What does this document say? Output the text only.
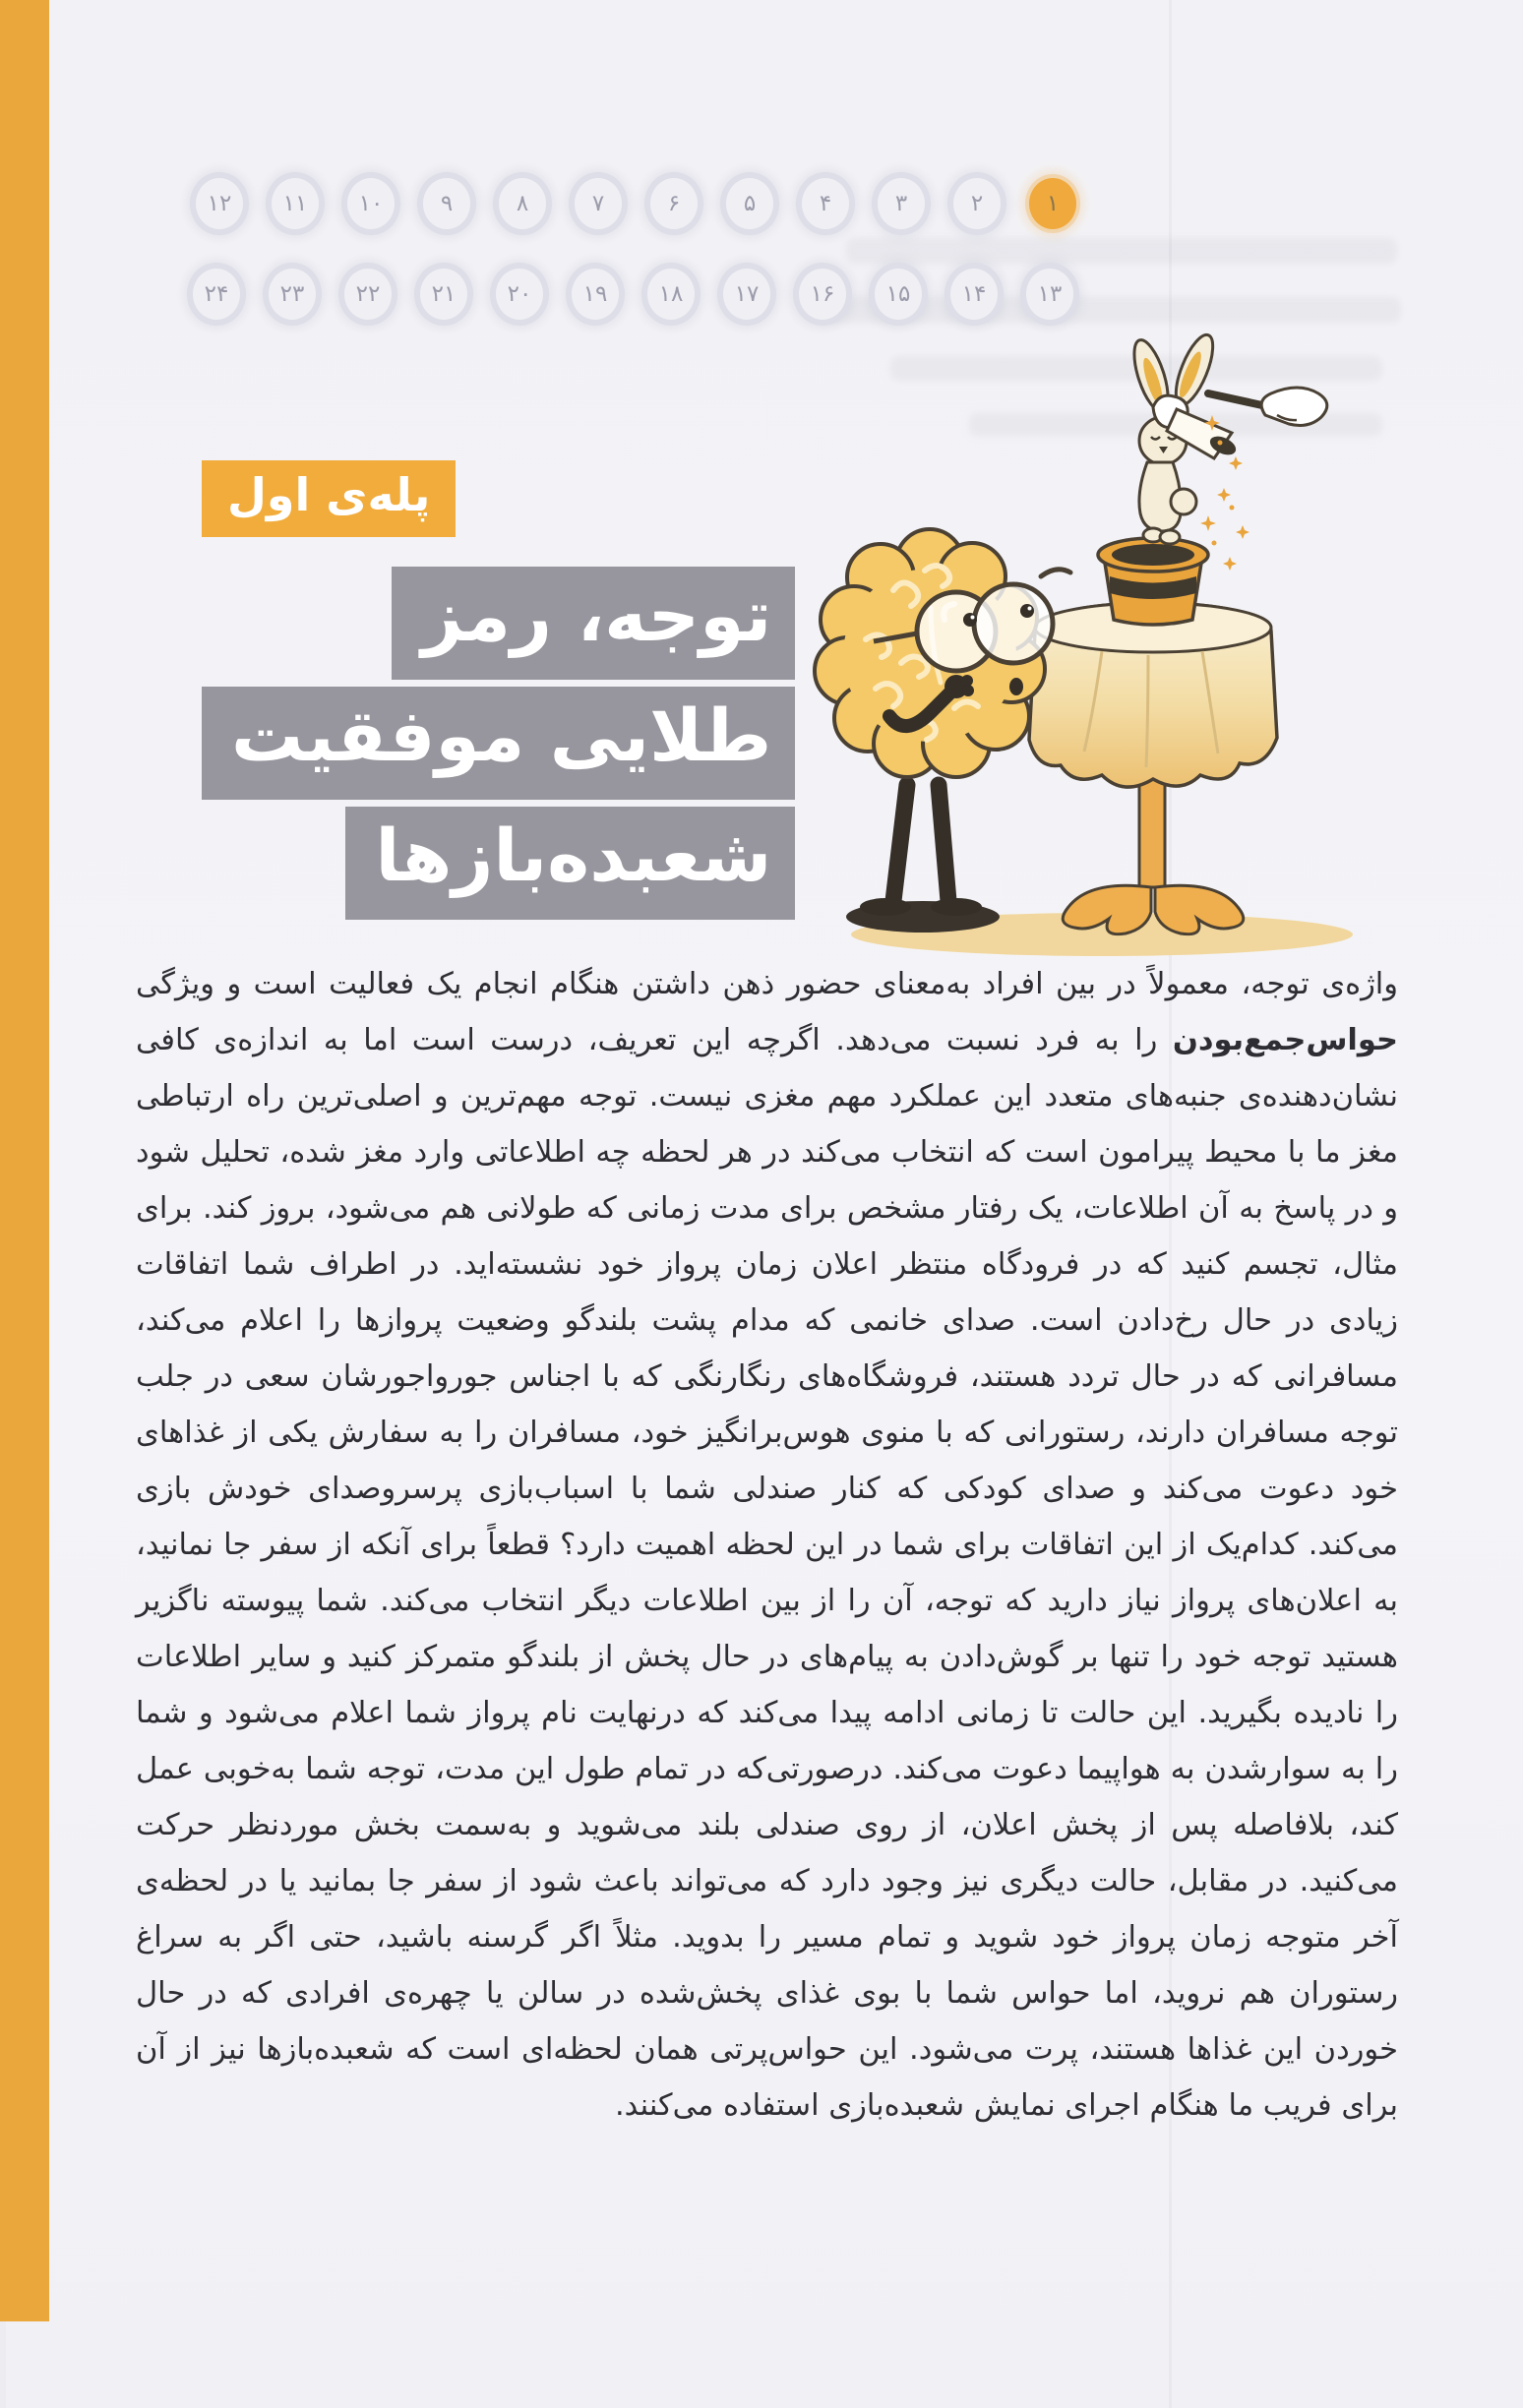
۱
۲
۳
۴
۵
۶
۷
۸
۹
۱۰
۱۱
۱۲
۱۳
۱۴
۱۵
۱۶
۱۷
۱۸
۱۹
۲۰
۲۱
۲۲
۲۳
۲۴
پله‌ی اول
توجه، رمز
طلایی موفقیت
شعبده‌بازها

واژه‌ی توجه، معمولاً در بین افراد به‌معنای حضور ذهن داشتن هنگام انجام یک فعالیت است و ویژگی حواس‌جمع‌بودن را به فرد نسبت می‌دهد. اگرچه این تعریف، درست است اما به اندازه‌ی کافی نشان‌دهنده‌ی جنبه‌های متعدد این عملکرد مهم مغزی نیست. توجه مهم‌ترین و اصلی‌ترین راه ارتباطی مغز ما با محیط پیرامون است که انتخاب می‌کند در هر لحظه چه اطلاعاتی وارد مغز شده، تحلیل شود و در پاسخ به آن اطلاعات، یک رفتار مشخص برای مدت زمانی که طولانی هم می‌شود، بروز کند. برای مثال، تجسم کنید که در فرودگاه منتظر اعلان زمان پرواز خود نشسته‌اید. در اطراف شما اتفاقات زیادی در حال رخ‌دادن است. صدای خانمی که مدام پشت بلندگو وضعیت پروازها را اعلام می‌کند، مسافرانی که در حال تردد هستند، فروشگاه‌های رنگارنگی که با اجناس جورواجورشان سعی در جلب توجه مسافران دارند، رستورانی که با منوی هوس‌برانگیز خود، مسافران را به سفارش یکی از غذاهای خود دعوت می‌کند و صدای کودکی که کنار صندلی شما با اسباب‌بازی پرسروصدای خودش بازی می‌کند. کدام‌یک از این اتفاقات برای شما در این لحظه اهمیت دارد؟ قطعاً برای آنکه از سفر جا نمانید، به اعلان‌های پرواز نیاز دارید که توجه، آن را از بین اطلاعات دیگر انتخاب می‌کند. شما پیوسته ناگزیر هستید توجه خود را تنها بر گوش‌دادن به پیام‌های در حال پخش از بلندگو متمرکز کنید و سایر اطلاعات را نادیده بگیرید. این حالت تا زمانی ادامه پیدا می‌کند که درنهایت نام پرواز شما اعلام می‌شود و شما را به سوارشدن به هواپیما دعوت می‌کند. درصورتی‌که در تمام طول این مدت، توجه شما به‌خوبی عمل کند، بلافاصله پس از پخش اعلان، از روی صندلی بلند می‌شوید و به‌سمت بخش موردنظر حرکت می‌کنید. در مقابل، حالت دیگری نیز وجود دارد که می‌تواند باعث شود از سفر جا بمانید یا در لحظه‌ی آخر متوجه زمان پرواز خود شوید و تمام مسیر را بدوید. مثلاً اگر گرسنه باشید، حتی اگر به سراغ رستوران هم نروید، اما حواس شما با بوی غذای پخش‌شده در سالن یا چهره‌ی افرادی که در حال خوردن این غذاها هستند، پرت می‌شود. این حواس‌پرتی همان لحظه‌ای است که شعبده‌بازها نیز از آن برای فریب ما هنگام اجرای نمایش شعبده‌بازی استفاده می‌کنند.
